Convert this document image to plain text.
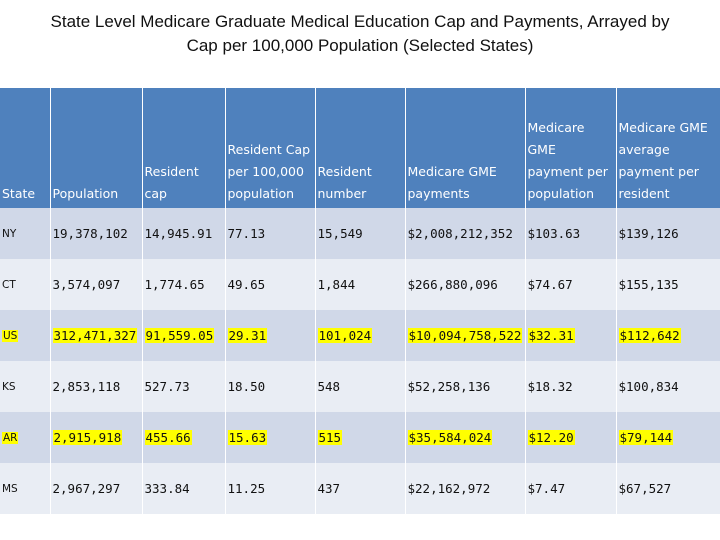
State Level Medicare Graduate Medical Education Cap and Payments, Arrayed by Cap per 100,000 Population (Selected States)
State	Population	Resident cap	Resident Cap per 100,000 population	Resident number	Medicare GME payments	Medicare GME payment per population	Medicare GME average payment per resident
NY	19,378,102	14,945.91	77.13	15,549	$2,008,212,352	$103.63	$139,126
CT	3,574,097	1,774.65	49.65	1,844	$266,880,096	$74.67	$155,135
US	312,471,327	91,559.05	29.31	101,024	$10,094,758,522	$32.31	$112,642
KS	2,853,118	527.73	18.50	548	$52,258,136	$18.32	$100,834
AR	2,915,918	455.66	15.63	515	$35,584,024	$12.20	$79,144
MS	2,967,297	333.84	11.25	437	$22,162,972	$7.47	$67,527
